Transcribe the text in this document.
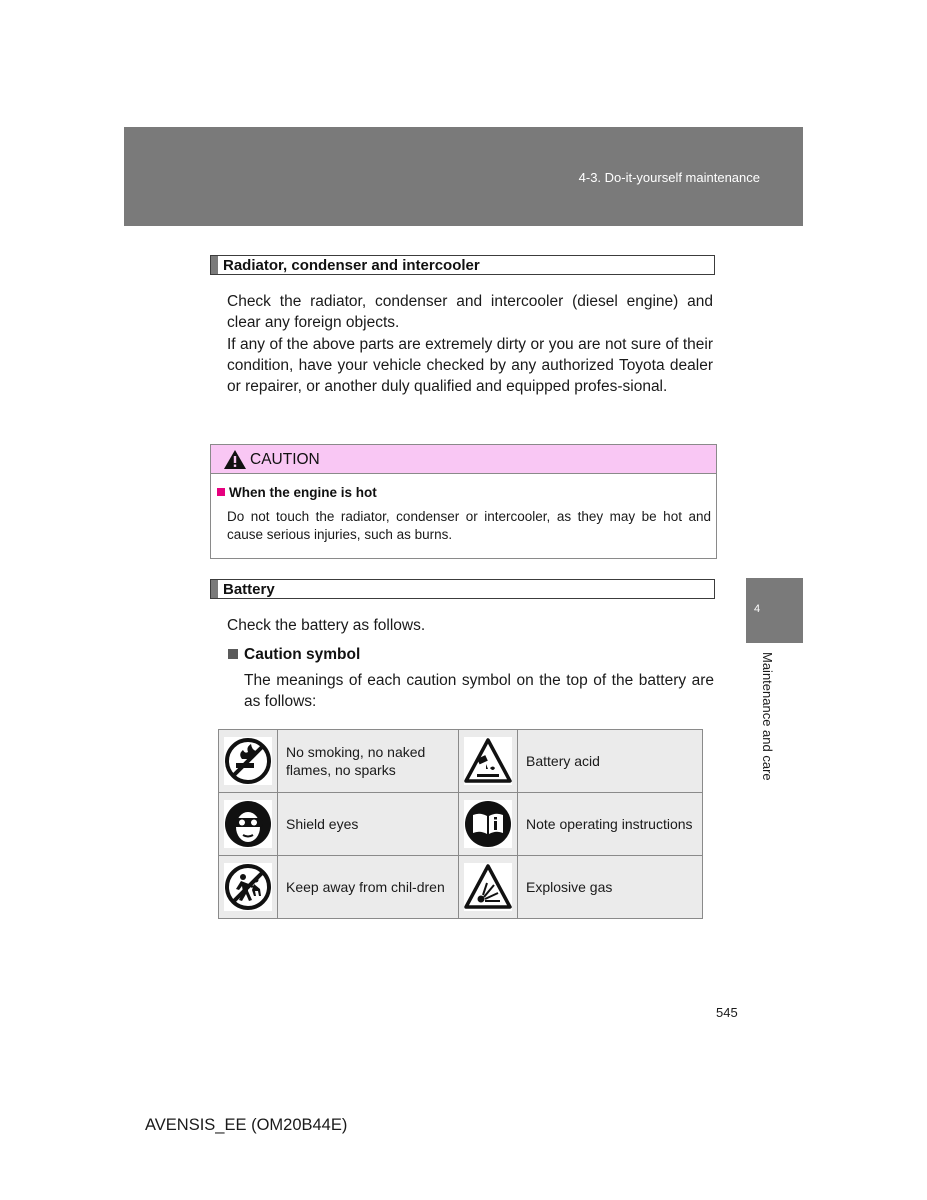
4-3. Do-it-yourself maintenance
Radiator, condenser and intercooler

Check the radiator, condenser and intercooler (diesel engine) and clear any foreign objects.

If any of the above parts are extremely dirty or you are not sure of their condition, have your vehicle checked by any authorized Toyota dealer or repairer, or another duly qualified and equipped profes-sional.

CAUTION
When the engine is hot
Do not touch the radiator, condenser or intercooler, as they may be hot and cause serious injuries, such as burns.
Battery
Check the battery as follows.
Caution symbol
The meanings of each caution symbol on the top of the battery are as follows:
	No smoking, no naked flames, no sparks		Battery acid

	Shield eyes		Note operating instructions

	Keep away from chil-dren		Explosive gas
4
Maintenance and care
545
AVENSIS_EE (OM20B44E)
